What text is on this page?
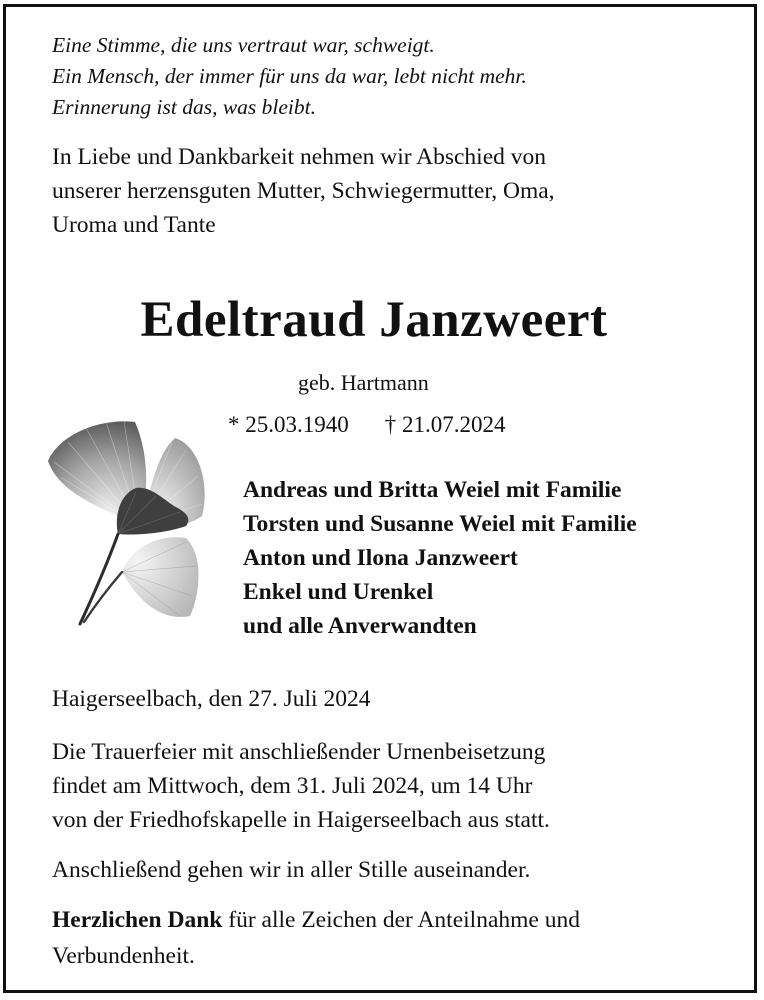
Eine Stimme, die uns vertraut war, schweigt.
Ein Mensch, der immer für uns da war, lebt nicht mehr.
Erinnerung ist das, was bleibt.
In Liebe und Dankbarkeit nehmen wir Abschied von
unserer herzensguten Mutter, Schwiegermutter, Oma,
Uroma und Tante
Edeltraud Janzweert
geb. Hartmann
* 25.03.1940 † 21.07.2024
Andreas und Britta Weiel mit Familie
Torsten und Susanne Weiel mit Familie
Anton und Ilona Janzweert
Enkel und Urenkel
und alle Anverwandten
Haigerseelbach, den 27. Juli 2024
Die Trauerfeier mit anschließender Urnenbeisetzung
findet am Mittwoch, dem 31. Juli 2024, um 14 Uhr
von der Friedhofskapelle in Haigerseelbach aus statt.
Anschließend gehen wir in aller Stille auseinander.
Herzlichen Dank für alle Zeichen der Anteilnahme und
Verbundenheit.
